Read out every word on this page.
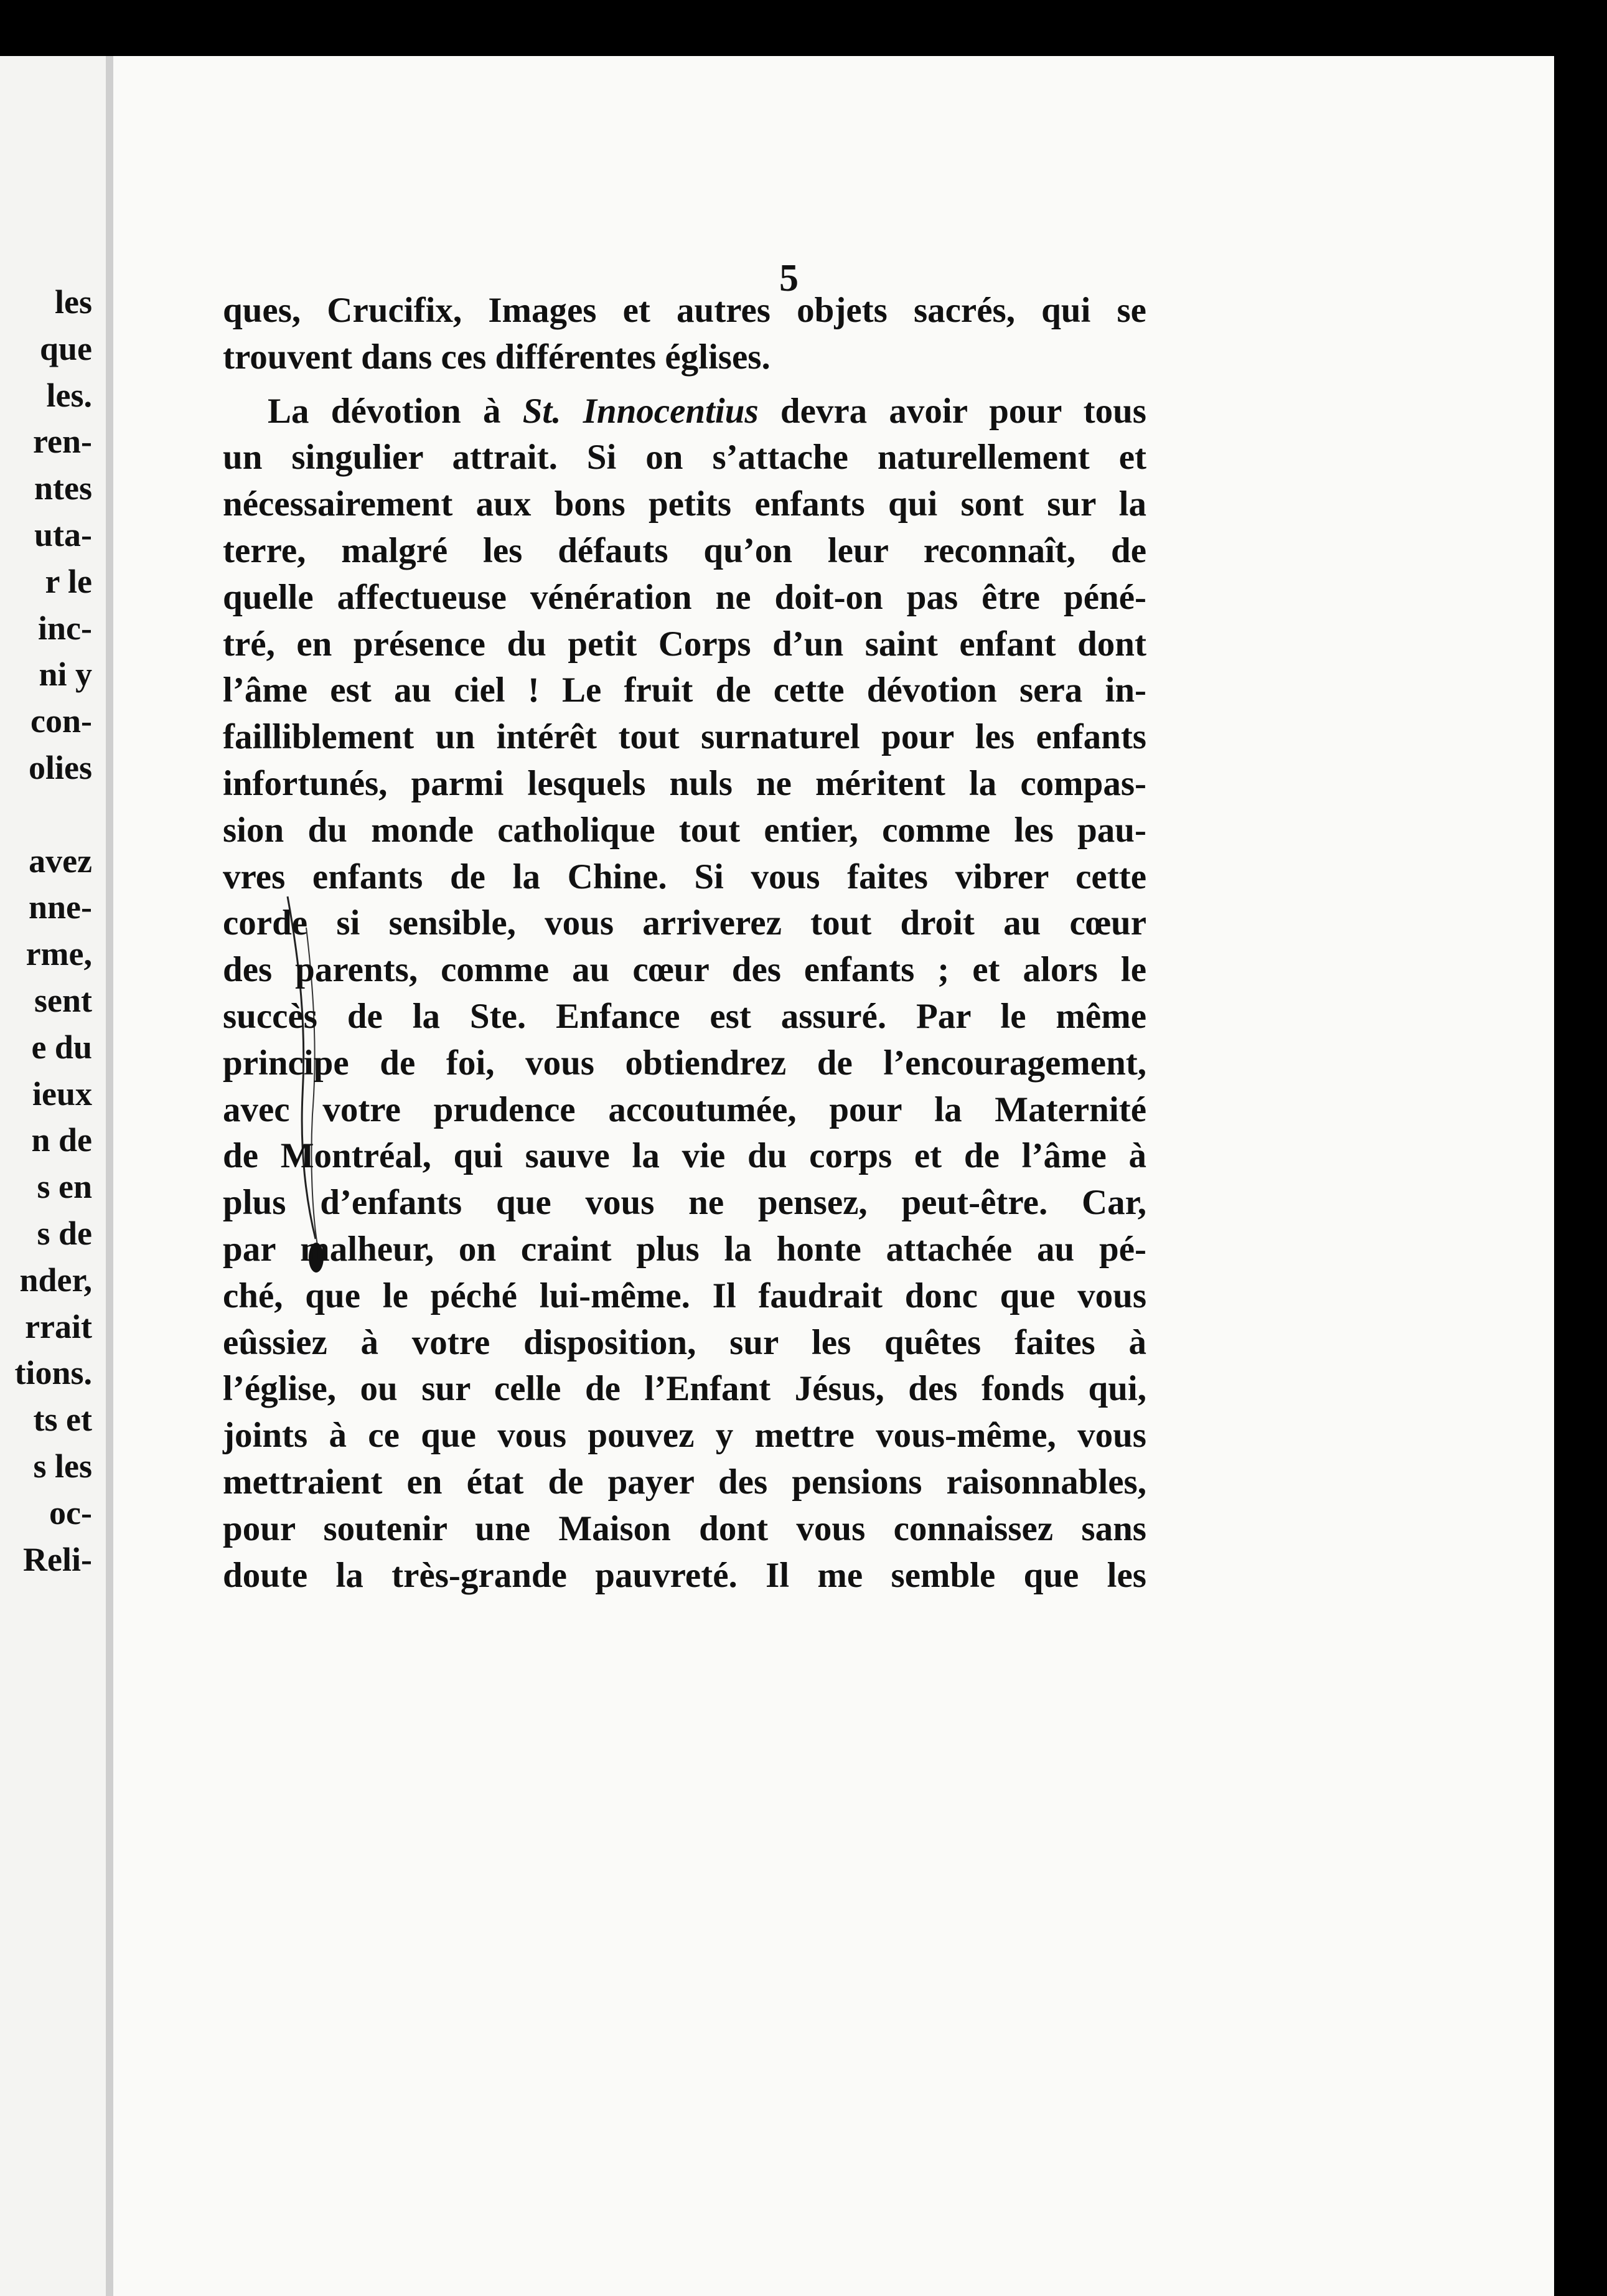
les
que
les.
ren-
ntes
uta-
r le
inc-
ni y
con-
olies
avez
nne-
rme,
sent
e du
ieux
n de
s en
s de
nder,
rrait
tions.
ts et
s les
oc-
Reli-
5
ques, Crucifix, Images et autres objets sacrés, qui se
trouvent dans ces différentes églises.
La dévotion à St. Innocentius devra avoir pour tous
un singulier attrait. Si on s’attache naturellement et
nécessairement aux bons petits enfants qui sont sur la
terre, malgré les défauts qu’on leur reconnaît, de
quelle affectueuse vénération ne doit-on pas être péné-
tré, en présence du petit Corps d’un saint enfant dont
l’âme est au ciel ! Le fruit de cette dévotion sera in-
failliblement un intérêt tout surnaturel pour les enfants
infortunés, parmi lesquels nuls ne méritent la compas-
sion du monde catholique tout entier, comme les pau-
vres enfants de la Chine. Si vous faites vibrer cette
corde si sensible, vous arriverez tout droit au cœur
des parents, comme au cœur des enfants ; et alors le
succès de la Ste. Enfance est assuré. Par le même
principe de foi, vous obtiendrez de l’encouragement,
avec votre prudence accoutumée, pour la Maternité
de Montréal, qui sauve la vie du corps et de l’âme à
plus d’enfants que vous ne pensez, peut-être. Car,
par malheur, on craint plus la honte attachée au pé-
ché, que le péché lui-même. Il faudrait donc que vous
eûssiez à votre disposition, sur les quêtes faites à
l’église, ou sur celle de l’Enfant Jésus, des fonds qui,
joints à ce que vous pouvez y mettre vous-même, vous
mettraient en état de payer des pensions raisonnables,
pour soutenir une Maison dont vous connaissez sans
doute la très-grande pauvreté. Il me semble que les
